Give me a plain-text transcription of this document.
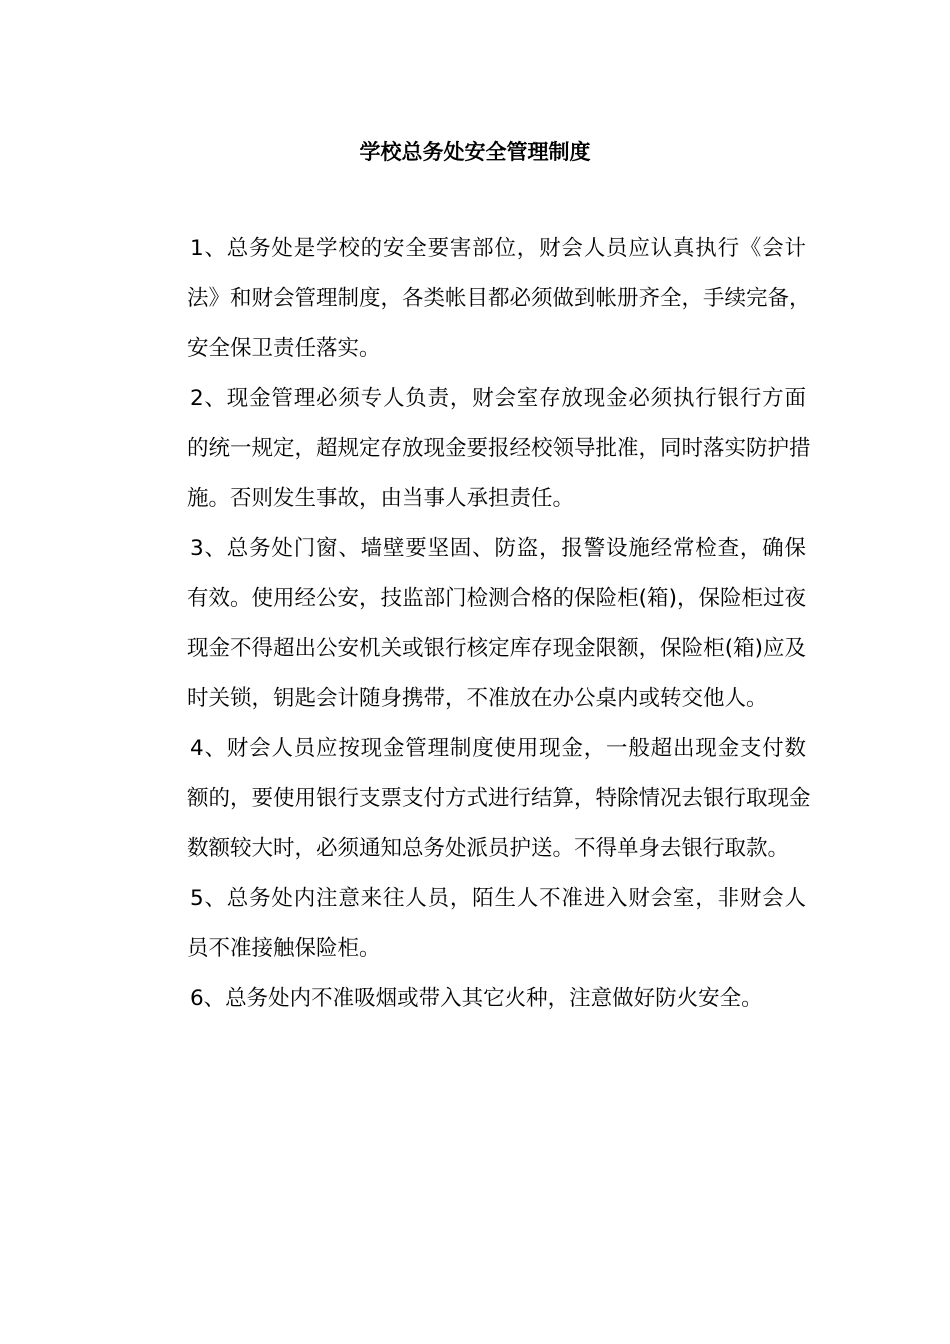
学校总务处安全管理制度
1、总务处是学校的安全要害部位，财会人员应认真执行《会计
法》和财会管理制度，各类帐目都必须做到帐册齐全，手续完备，
安全保卫责任落实。
2、现金管理必须专人负责，财会室存放现金必须执行银行方面
的统一规定，超规定存放现金要报经校领导批准，同时落实防护措
施。否则发生事故，由当事人承担责任。
3、总务处门窗、墙壁要坚固、防盗，报警设施经常检查，确保
有效。使用经公安，技监部门检测合格的保险柜(箱)，保险柜过夜
现金不得超出公安机关或银行核定库存现金限额，保险柜(箱)应及
时关锁，钥匙会计随身携带，不准放在办公桌内或转交他人。
4、财会人员应按现金管理制度使用现金，一般超出现金支付数
额的，要使用银行支票支付方式进行结算，特除情况去银行取现金
数额较大时，必须通知总务处派员护送。不得单身去银行取款。
5、总务处内注意来往人员，陌生人不准进入财会室，非财会人
员不准接触保险柜。
6、总务处内不准吸烟或带入其它火种，注意做好防火安全。
